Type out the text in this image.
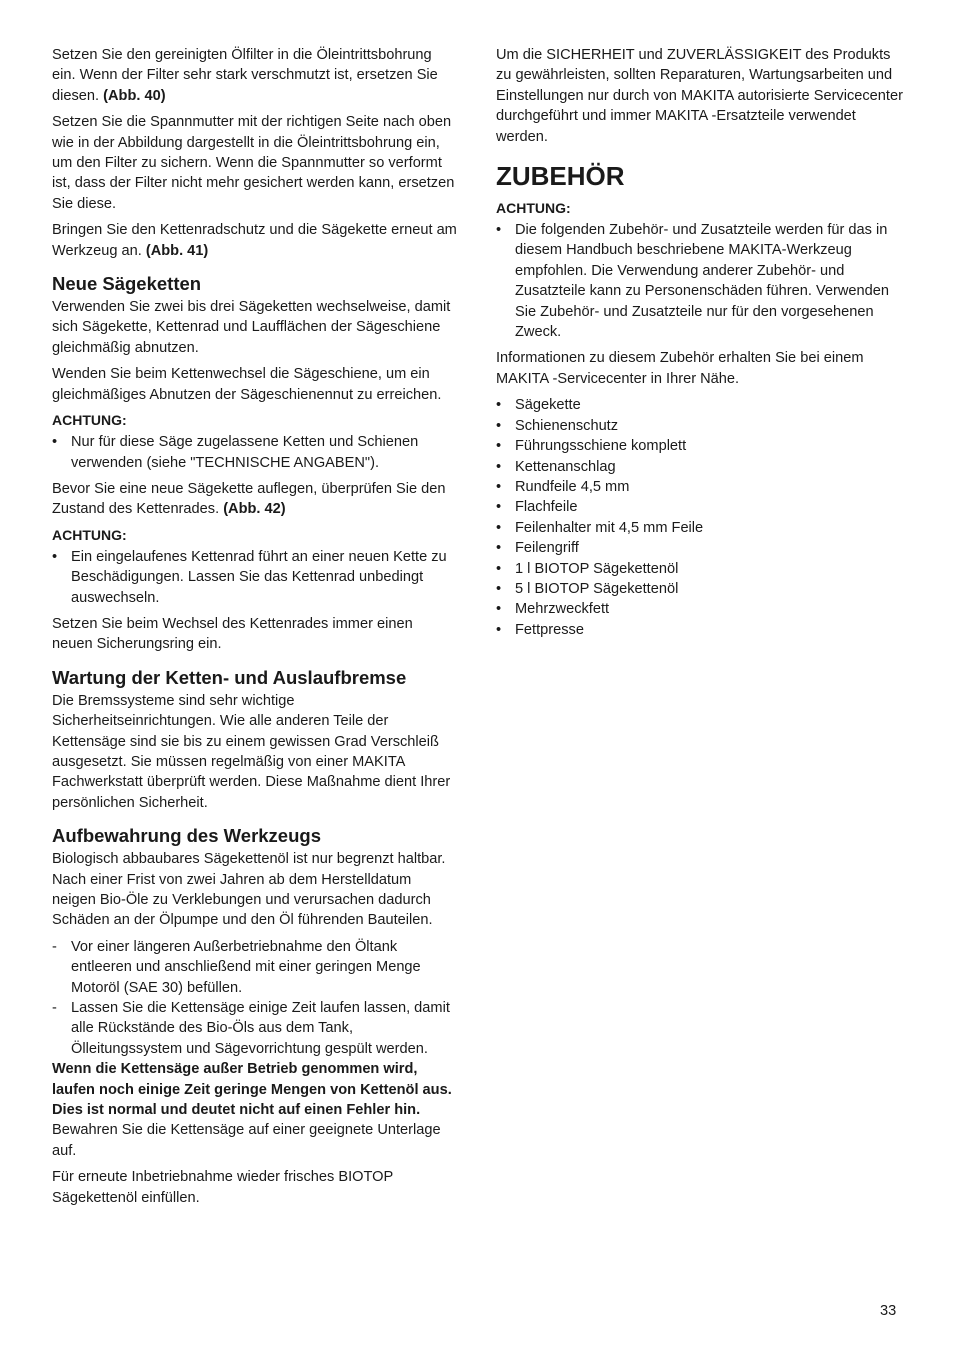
Setzen Sie den gereinigten Ölfilter in die Öleintrittsbohrung ein. Wenn der Filter sehr stark verschmutzt ist, ersetzen Sie diesen. (Abb. 40)

Setzen Sie die Spannmutter mit der richtigen Seite nach oben wie in der Abbildung dargestellt in die Öleintrittsbohrung ein, um den Filter zu sichern. Wenn die Spannmutter so verformt ist, dass der Filter nicht mehr gesichert werden kann, ersetzen Sie diese.

Bringen Sie den Kettenradschutz und die Sägekette erneut am Werkzeug an. (Abb. 41)

Neue Sägeketten

Verwenden Sie zwei bis drei Sägeketten wechselweise, damit sich Sägekette, Kettenrad und Laufflächen der Sägeschiene gleichmäßig abnutzen.

Wenden Sie beim Kettenwechsel die Sägeschiene, um ein gleichmäßiges Abnutzen der Sägeschienennut zu erreichen.

ACHTUNG:
• Nur für diese Säge zugelassene Ketten und Schienen verwenden (siehe "TECHNISCHE ANGABEN").

Bevor Sie eine neue Sägekette auflegen, überprüfen Sie den Zustand des Kettenrades. (Abb. 42)

ACHTUNG:
• Ein eingelaufenes Kettenrad führt an einer neuen Kette zu Beschädigungen. Lassen Sie das Kettenrad unbedingt auswechseln.

Setzen Sie beim Wechsel des Kettenrades immer einen neuen Sicherungsring ein.

Wartung der Ketten- und Auslaufbremse

Die Bremssysteme sind sehr wichtige Sicherheitseinrichtungen. Wie alle anderen Teile der Kettensäge sind sie bis zu einem gewissen Grad Verschleiß ausgesetzt. Sie müssen regelmäßig von einer MAKITA Fachwerkstatt überprüft werden. Diese Maßnahme dient Ihrer persönlichen Sicherheit.

Aufbewahrung des Werkzeugs

Biologisch abbaubares Sägekettenöl ist nur begrenzt haltbar. Nach einer Frist von zwei Jahren ab dem Herstelldatum neigen Bio-Öle zu Verklebungen und verursachen dadurch Schäden an der Ölpumpe und den Öl führenden Bauteilen.

- Vor einer längeren Außerbetriebnahme den Öltank entleeren und anschließend mit einer geringen Menge Motoröl (SAE 30) befüllen.
- Lassen Sie die Kettensäge einige Zeit laufen lassen, damit alle Rückstände des Bio-Öls aus dem Tank, Ölleitungssystem und Sägevorrichtung gespült werden.

Wenn die Kettensäge außer Betrieb genommen wird, laufen noch einige Zeit geringe Mengen von Kettenöl aus. Dies ist normal und deutet nicht auf einen Fehler hin.

Bewahren Sie die Kettensäge auf einer geeignete Unterlage auf.

Für erneute Inbetriebnahme wieder frisches BIOTOP Sägekettenöl einfüllen.

Um die SICHERHEIT und ZUVERLÄSSIGKEIT des Produkts zu gewährleisten, sollten Reparaturen, Wartungsarbeiten und Einstellungen nur durch von MAKITA autorisierte Servicecenter durchgeführt und immer MAKITA -Ersatzteile verwendet werden.

ZUBEHÖR
ACHTUNG:
• Die folgenden Zubehör- und Zusatzteile werden für das in diesem Handbuch beschriebene MAKITA-Werkzeug empfohlen. Die Verwendung anderer Zubehör- und Zusatzteile kann zu Personenschäden führen. Verwenden Sie Zubehör- und Zusatzteile nur für den vorgesehenen Zweck.

Informationen zu diesem Zubehör erhalten Sie bei einem MAKITA -Servicecenter in Ihrer Nähe.

• Sägekette
• Schienenschutz
• Führungsschiene komplett
• Kettenanschlag
• Rundfeile 4,5 mm
• Flachfeile
• Feilenhalter mit 4,5 mm Feile
• Feilengriff
• 1 l BIOTOP Sägekettenöl
• 5 l BIOTOP Sägekettenöl
• Mehrzweckfett
• Fettpresse
33
